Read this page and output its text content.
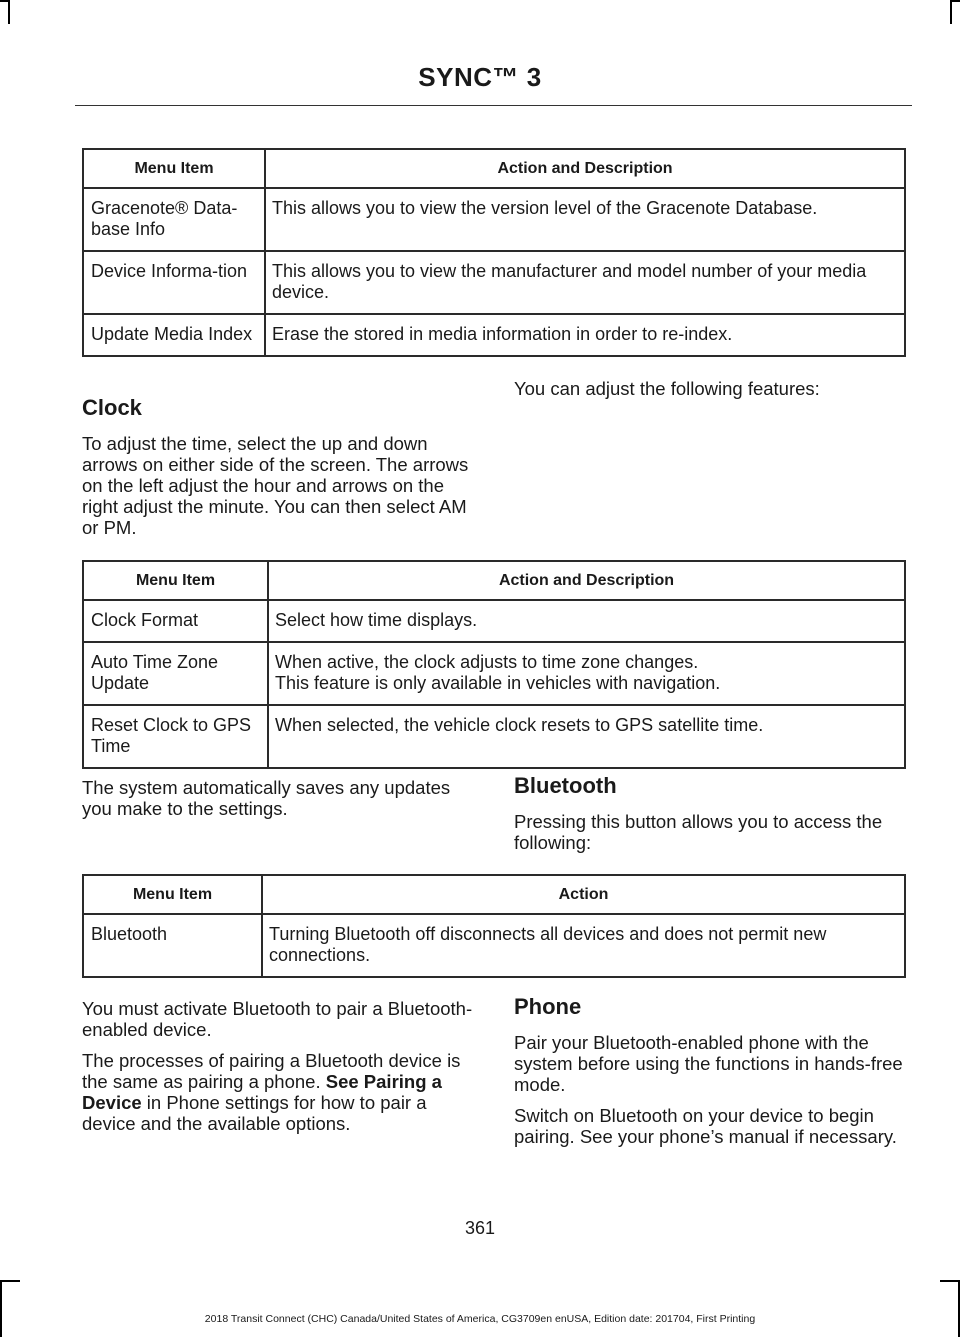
SYNC™ 3
Menu Item	Action and Description
Gracenote® Data-base Info	This allows you to view the version level of the Gracenote Database.
Device Informa-tion	This allows you to view the manufacturer and model number of your media device.
Update Media Index	Erase the stored in media information in order to re-index.
Clock

To adjust the time, select the up and down arrows on either side of the screen. The arrows on the left adjust the hour and arrows on the right adjust the minute. You can then select AM or PM.

You can adjust the following features:

Menu Item	Action and Description
Clock Format	Select how time displays.
Auto Time Zone Update	When active, the clock adjusts to time zone changes.
This feature is only available in vehicles with navigation.

Reset Clock to GPS Time	When selected, the vehicle clock resets to GPS satellite time.

The system automatically saves any updates you make to the settings.

Bluetooth

Pressing this button allows you to access the following:

Menu Item	Action
Bluetooth	Turning Bluetooth off disconnects all devices and does not permit new connections.

You must activate Bluetooth to pair a Bluetooth-enabled device.

The processes of pairing a Bluetooth device is the same as pairing a phone. See Pairing a Device in Phone settings for how to pair a device and the available options.

Phone

Pair your Bluetooth-enabled phone with the system before using the functions in hands-free mode.

Switch on Bluetooth on your device to begin pairing. See your phone’s manual if necessary.

361
2018 Transit Connect (CHC) Canada/United States of America, CG3709en enUSA, Edition date: 201704, First Printing
